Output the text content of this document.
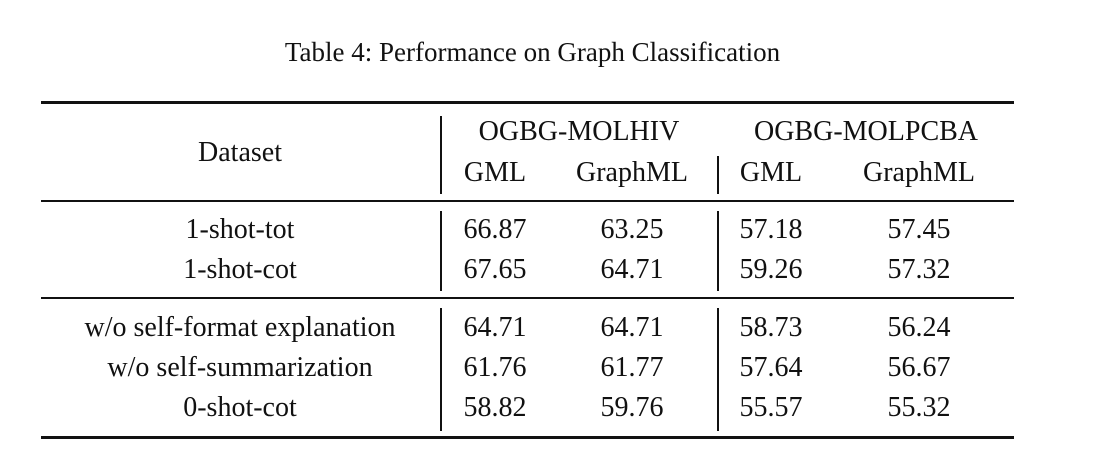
Table 4: Performance on Graph Classification
Dataset
OGBG-MOLHIV	OGBG-MOLPCBA
GML GraphML GML GraphML
1-shot-tot	66.87	63.25	57.18	57.45
1-shot-cot	67.65	64.71	59.26	57.32
w/o self-format explanation 64.71	64.71	58.73	56.24
w/o self-summarization	61.76	61.77	57.64	56.67
0-shot-cot	58.82	59.76	55.57	55.32
